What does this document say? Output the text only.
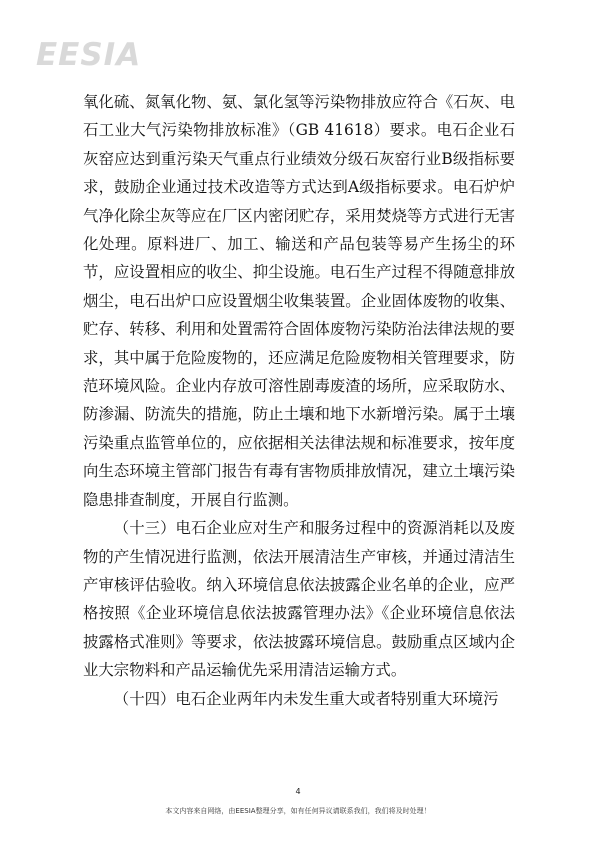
EESIA

氧化硫、氮氧化物、氨、氯化氢等污染物排放应符合《石灰、电石工业大气污染物排放标准》（GB 41618）要求。电石企业石灰窑应达到重污染天气重点行业绩效分级石灰窑行业B级指标要求，鼓励企业通过技术改造等方式达到A级指标要求。电石炉炉气净化除尘灰等应在厂区内密闭贮存，采用焚烧等方式进行无害化处理。原料进厂、加工、输送和产品包装等易产生扬尘的环节，应设置相应的收尘、抑尘设施。电石生产过程不得随意排放烟尘，电石出炉口应设置烟尘收集装置。企业固体废物的收集、贮存、转移、利用和处置需符合固体废物污染防治法律法规的要求，其中属于危险废物的，还应满足危险废物相关管理要求，防范环境风险。企业内存放可溶性剧毒废渣的场所，应采取防水、防渗漏、防流失的措施，防止土壤和地下水新增污染。属于土壤污染重点监管单位的，应依据相关法律法规和标准要求，按年度向生态环境主管部门报告有毒有害物质排放情况，建立土壤污染隐患排查制度，开展自行监测。

（十三）电石企业应对生产和服务过程中的资源消耗以及废物的产生情况进行监测，依法开展清洁生产审核，并通过清洁生产审核评估验收。纳入环境信息依法披露企业名单的企业，应严格按照《企业环境信息依法披露管理办法》《企业环境信息依法披露格式准则》等要求，依法披露环境信息。鼓励重点区域内企业大宗物料和产品运输优先采用清洁运输方式。

（十四）电石企业两年内未发生重大或者特别重大环境污

4
本文内容来自网络，由EESIA整理分享，如有任何异议请联系我们，我们将及时处理！
